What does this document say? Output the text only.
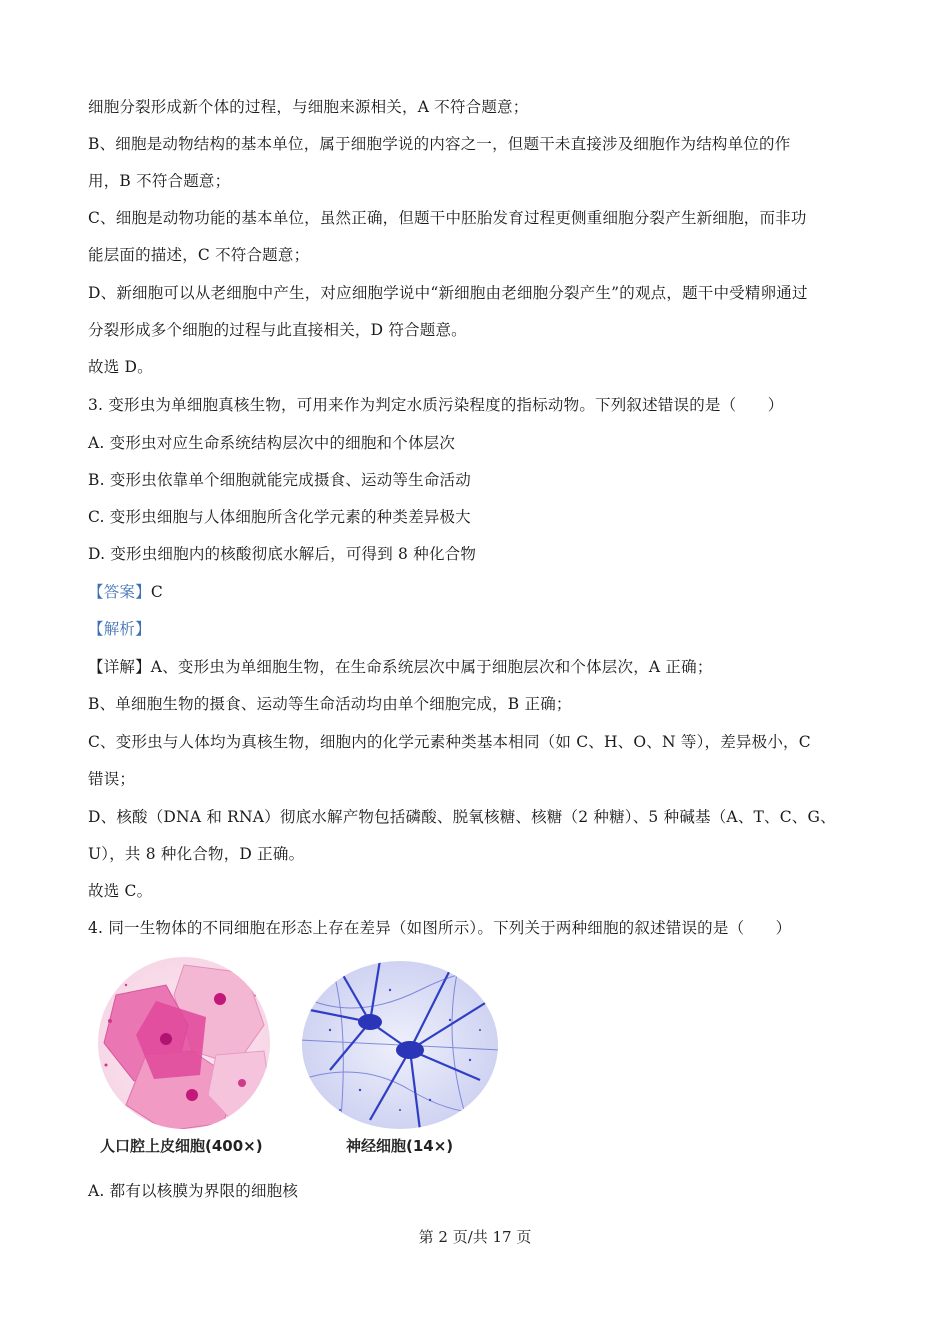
细胞分裂形成新个体的过程，与细胞来源相关，A 不符合题意；
B、细胞是动物结构的基本单位，属于细胞学说的内容之一，但题干未直接涉及细胞作为结构单位的作
用，B 不符合题意；
C、细胞是动物功能的基本单位，虽然正确，但题干中胚胎发育过程更侧重细胞分裂产生新细胞，而非功
能层面的描述，C 不符合题意；
D、新细胞可以从老细胞中产生，对应细胞学说中“新细胞由老细胞分裂产生”的观点，题干中受精卵通过
分裂形成多个细胞的过程与此直接相关，D 符合题意。
故选 D。
3. 变形虫为单细胞真核生物，可用来作为判定水质污染程度的指标动物。下列叙述错误的是（　　）
A. 变形虫对应生命系统结构层次中的细胞和个体层次
B. 变形虫依靠单个细胞就能完成摄食、运动等生命活动
C. 变形虫细胞与人体细胞所含化学元素的种类差异极大
D. 变形虫细胞内的核酸彻底水解后，可得到 8 种化合物
【答案】C
【解析】
【详解】A、变形虫为单细胞生物，在生命系统层次中属于细胞层次和个体层次，A 正确；
B、单细胞生物的摄食、运动等生命活动均由单个细胞完成，B 正确；
C、变形虫与人体均为真核生物，细胞内的化学元素种类基本相同（如 C、H、O、N 等），差异极小，C
错误；
D、核酸（DNA 和 RNA）彻底水解产物包括磷酸、脱氧核糖、核糖（2 种糖）、5 种碱基（A、T、C、G、
U），共 8 种化合物，D 正确。
故选 C。
4. 同一生物体的不同细胞在形态上存在差异（如图所示）。下列关于两种细胞的叙述错误的是（　　）
人口腔上皮细胞(400×)	神经细胞(14×)
A. 都有以核膜为界限的细胞核
第 2 页/共 17 页
